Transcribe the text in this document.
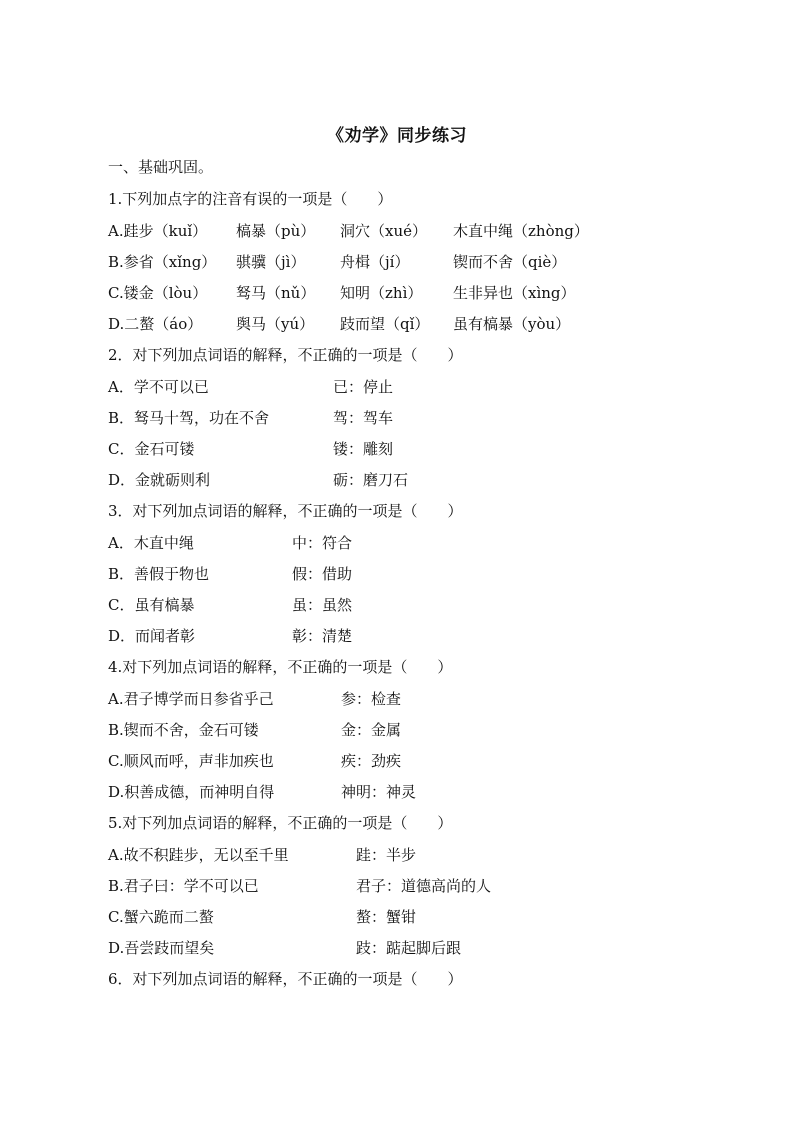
《劝学》同步练习
一、基础巩固。
1.下列加点字的注音有误的一项是（　　）
A.跬步（kuǐ） 槁暴（pù） 洞穴（xué） 木直中绳（zhòng）
B.参省（xǐng） 骐骥（jì） 舟楫（jí）	锲而不舍（qiè）
C.镂金（lòu） 驽马（nǔ） 知明（zhì） 生非异也（xìng）
D.二螯（áo） 舆马（yú） 跂而望（qǐ） 虽有槁暴（yòu）
2．对下列加点词语的解释，不正确的一项是（　　）
A．学不可以已	已：停止
B．驽马十驾，功在不舍	驾：驾车
C．金石可镂	镂：雕刻
D．金就砺则利	砺：磨刀石
3．对下列加点词语的解释，不正确的一项是（　　）
A．木直中绳	中：符合
B．善假于物也	假：借助
C．虽有槁暴	虽：虽然
D．而闻者彰	彰：清楚
4.对下列加点词语的解释，不正确的一项是（　　）
A.君子博学而日参省乎己	参：检查
B.锲而不舍，金石可镂	金：金属
C.顺风而呼，声非加疾也	疾：劲疾
D.积善成德，而神明自得	神明：神灵
5.对下列加点词语的解释，不正确的一项是（　　）
A.故不积跬步，无以至千里	跬：半步
B.君子曰：学不可以已	君子：道德高尚的人
C.蟹六跪而二螯	螯：蟹钳
D.吾尝跂而望矣	跂：踮起脚后跟
6．对下列加点词语的解释，不正确的一项是（　　）
